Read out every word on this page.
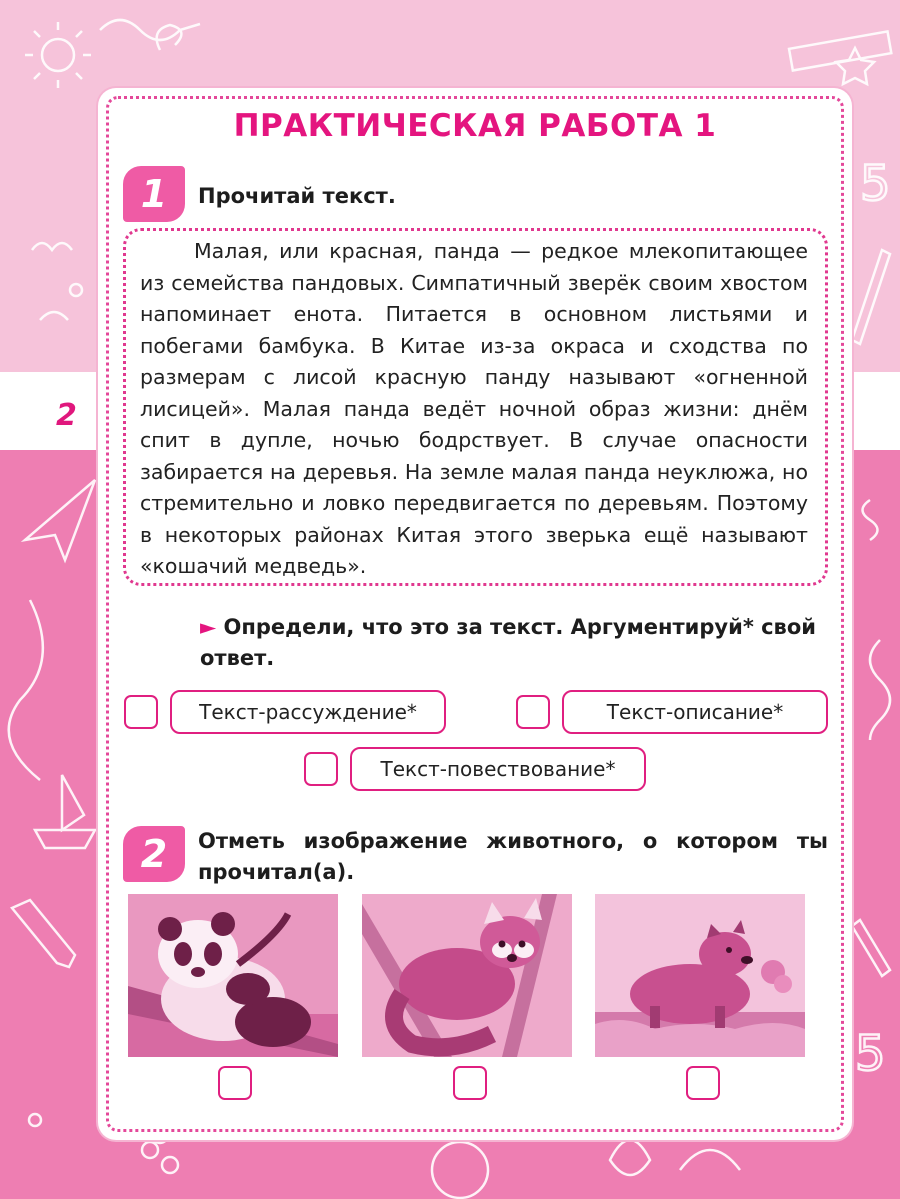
5
5
2
ПРАКТИЧЕСКАЯ РАБОТА 1
1	Прочитай текст.
Малая, или красная, панда — редкое млекопитающее из семейства пандовых. Симпатичный зверёк своим хвостом напоминает енота. Питается в основном листьями и побегами бамбука. В Китае из-за окраса и сходства по размерам с лисой красную панду называют «огненной лисицей». Малая панда ведёт ночной образ жизни: днём спит в дупле, ночью бодрствует. В случае опасности забирается на деревья. На земле малая панда неуклюжа, но стремительно и ловко передвигается по деревьям. Поэтому в некоторых районах Китая этого зверька ещё называют «кошачий медведь».
► Определи, что это за текст. Аргументируй* свой ответ.
Текст-рассуждение*	Текст-описание*
Текст-повествование*
2	Отметь изображение животного, о котором ты прочитал(а).
